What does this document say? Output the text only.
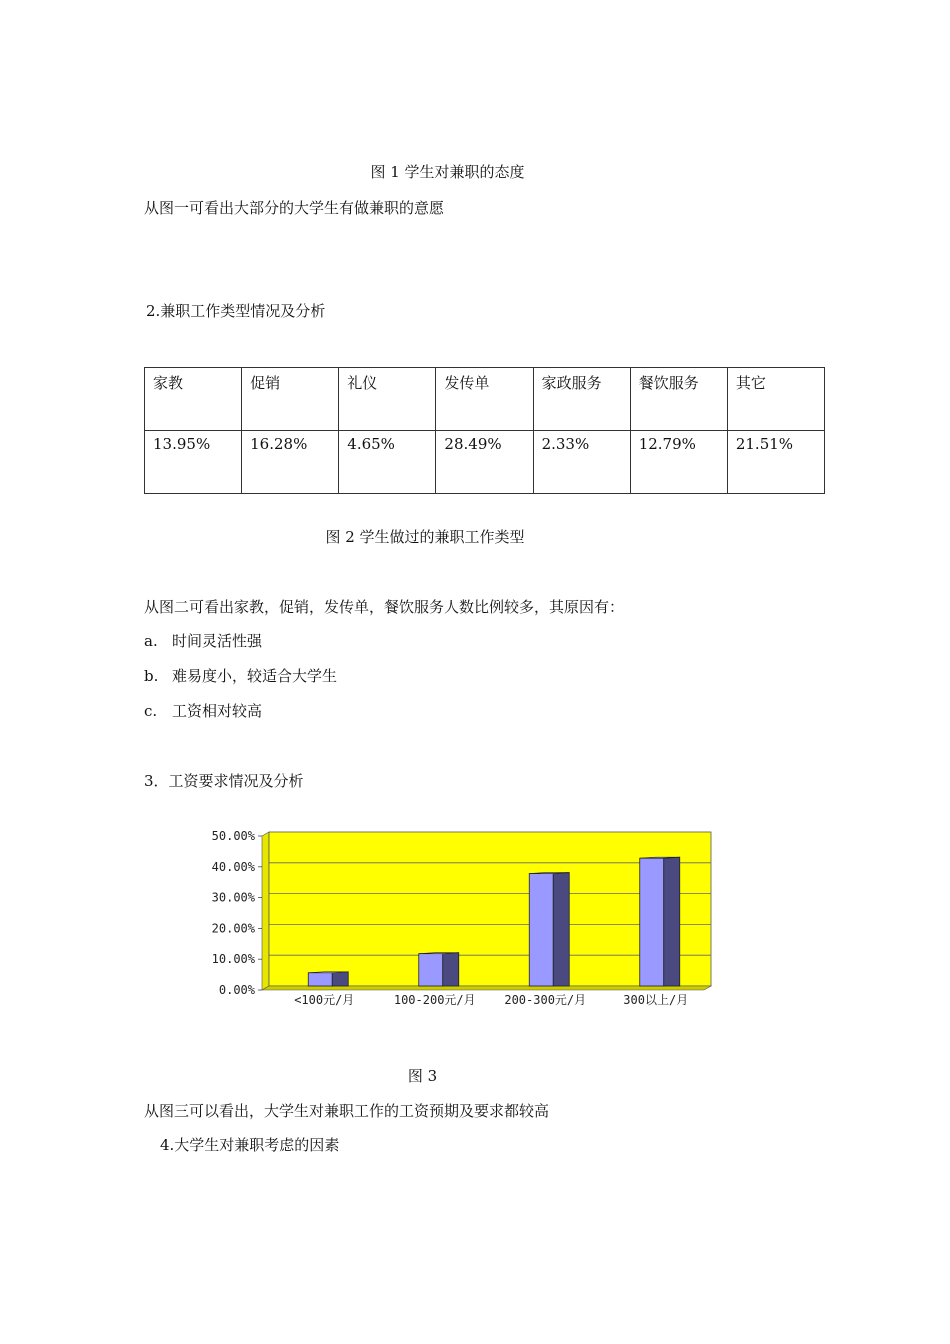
图 1 学生对兼职的态度
从图一可看出大部分的大学生有做兼职的意愿
2.兼职工作类型情况及分析
家教	促销	礼仪	发传单	家政服务	餐饮服务	其它
13.95%	16.28%	4.65%	28.49%	2.33%	12.79%	21.51%
图 2 学生做过的兼职工作类型
从图二可看出家教，促销，发传单，餐饮服务人数比例较多，其原因有：
a. 时间灵活性强
b. 难易度小，较适合大学生
c. 工资相对较高
3．工资要求情况及分析
0.00%
10.00%
20.00%
30.00%
40.00%
50.00%
<100元/月	100-200元/月 200-300元/月	300以上/月
图 3
从图三可以看出，大学生对兼职工作的工资预期及要求都较高
4.大学生对兼职考虑的因素
